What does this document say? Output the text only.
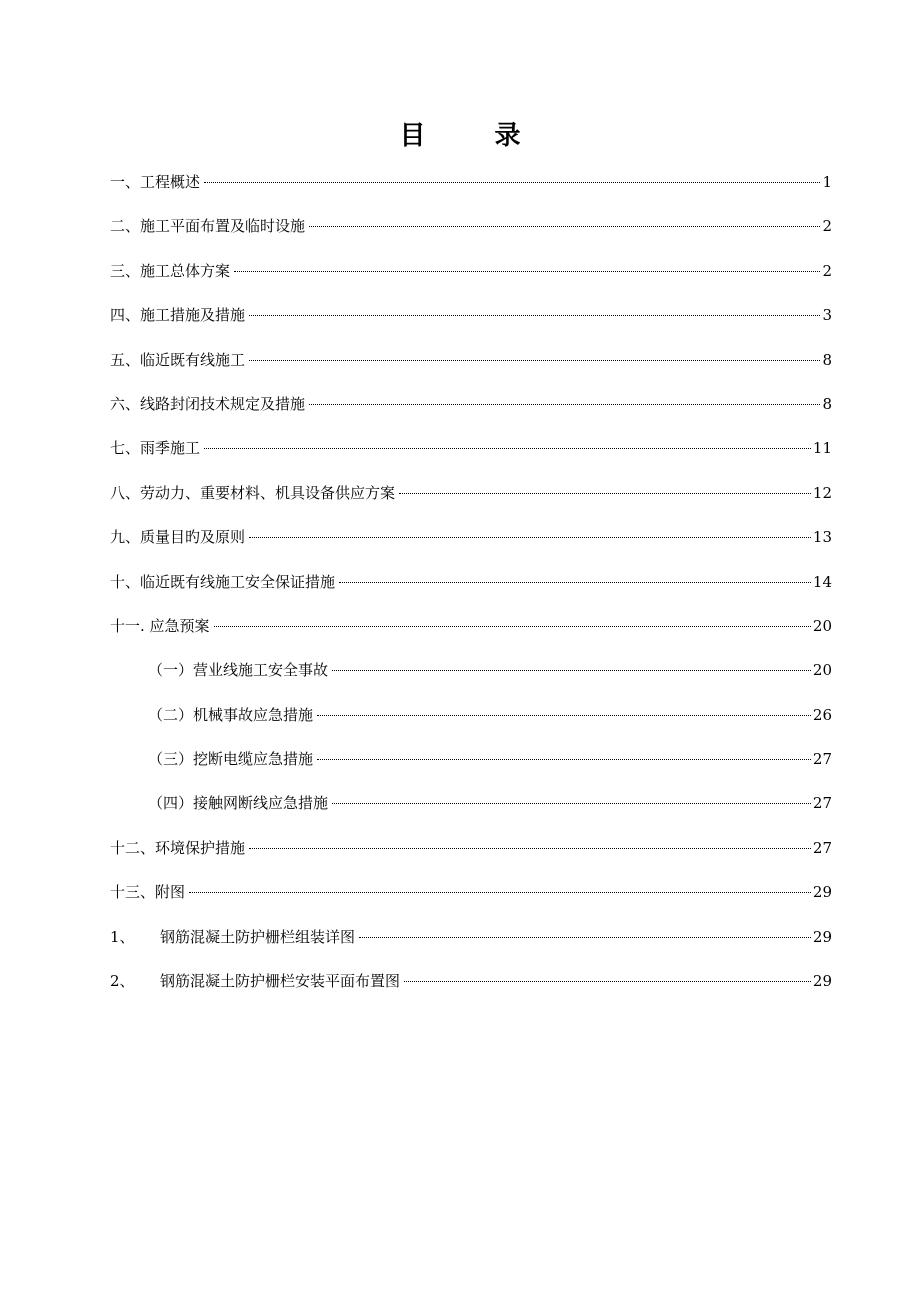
目 录
一、工程概述	1
二、施工平面布置及临时设施	2
三、施工总体方案	2
四、施工措施及措施	3
五、临近既有线施工	8
六、线路封闭技术规定及措施	8
七、雨季施工	11
八、劳动力、重要材料、机具设备供应方案	12
九、质量目旳及原则	13
十、临近既有线施工安全保证措施	14
十一. 应急预案	20
（一）营业线施工安全事故	20
（二）机械事故应急措施	26
（三）挖断电缆应急措施	27
（四）接触网断线应急措施	27
十二、环境保护措施	27
十三、附图	29
1、	钢筋混凝土防护栅栏组装详图	29
2、	钢筋混凝土防护栅栏安装平面布置图	29
